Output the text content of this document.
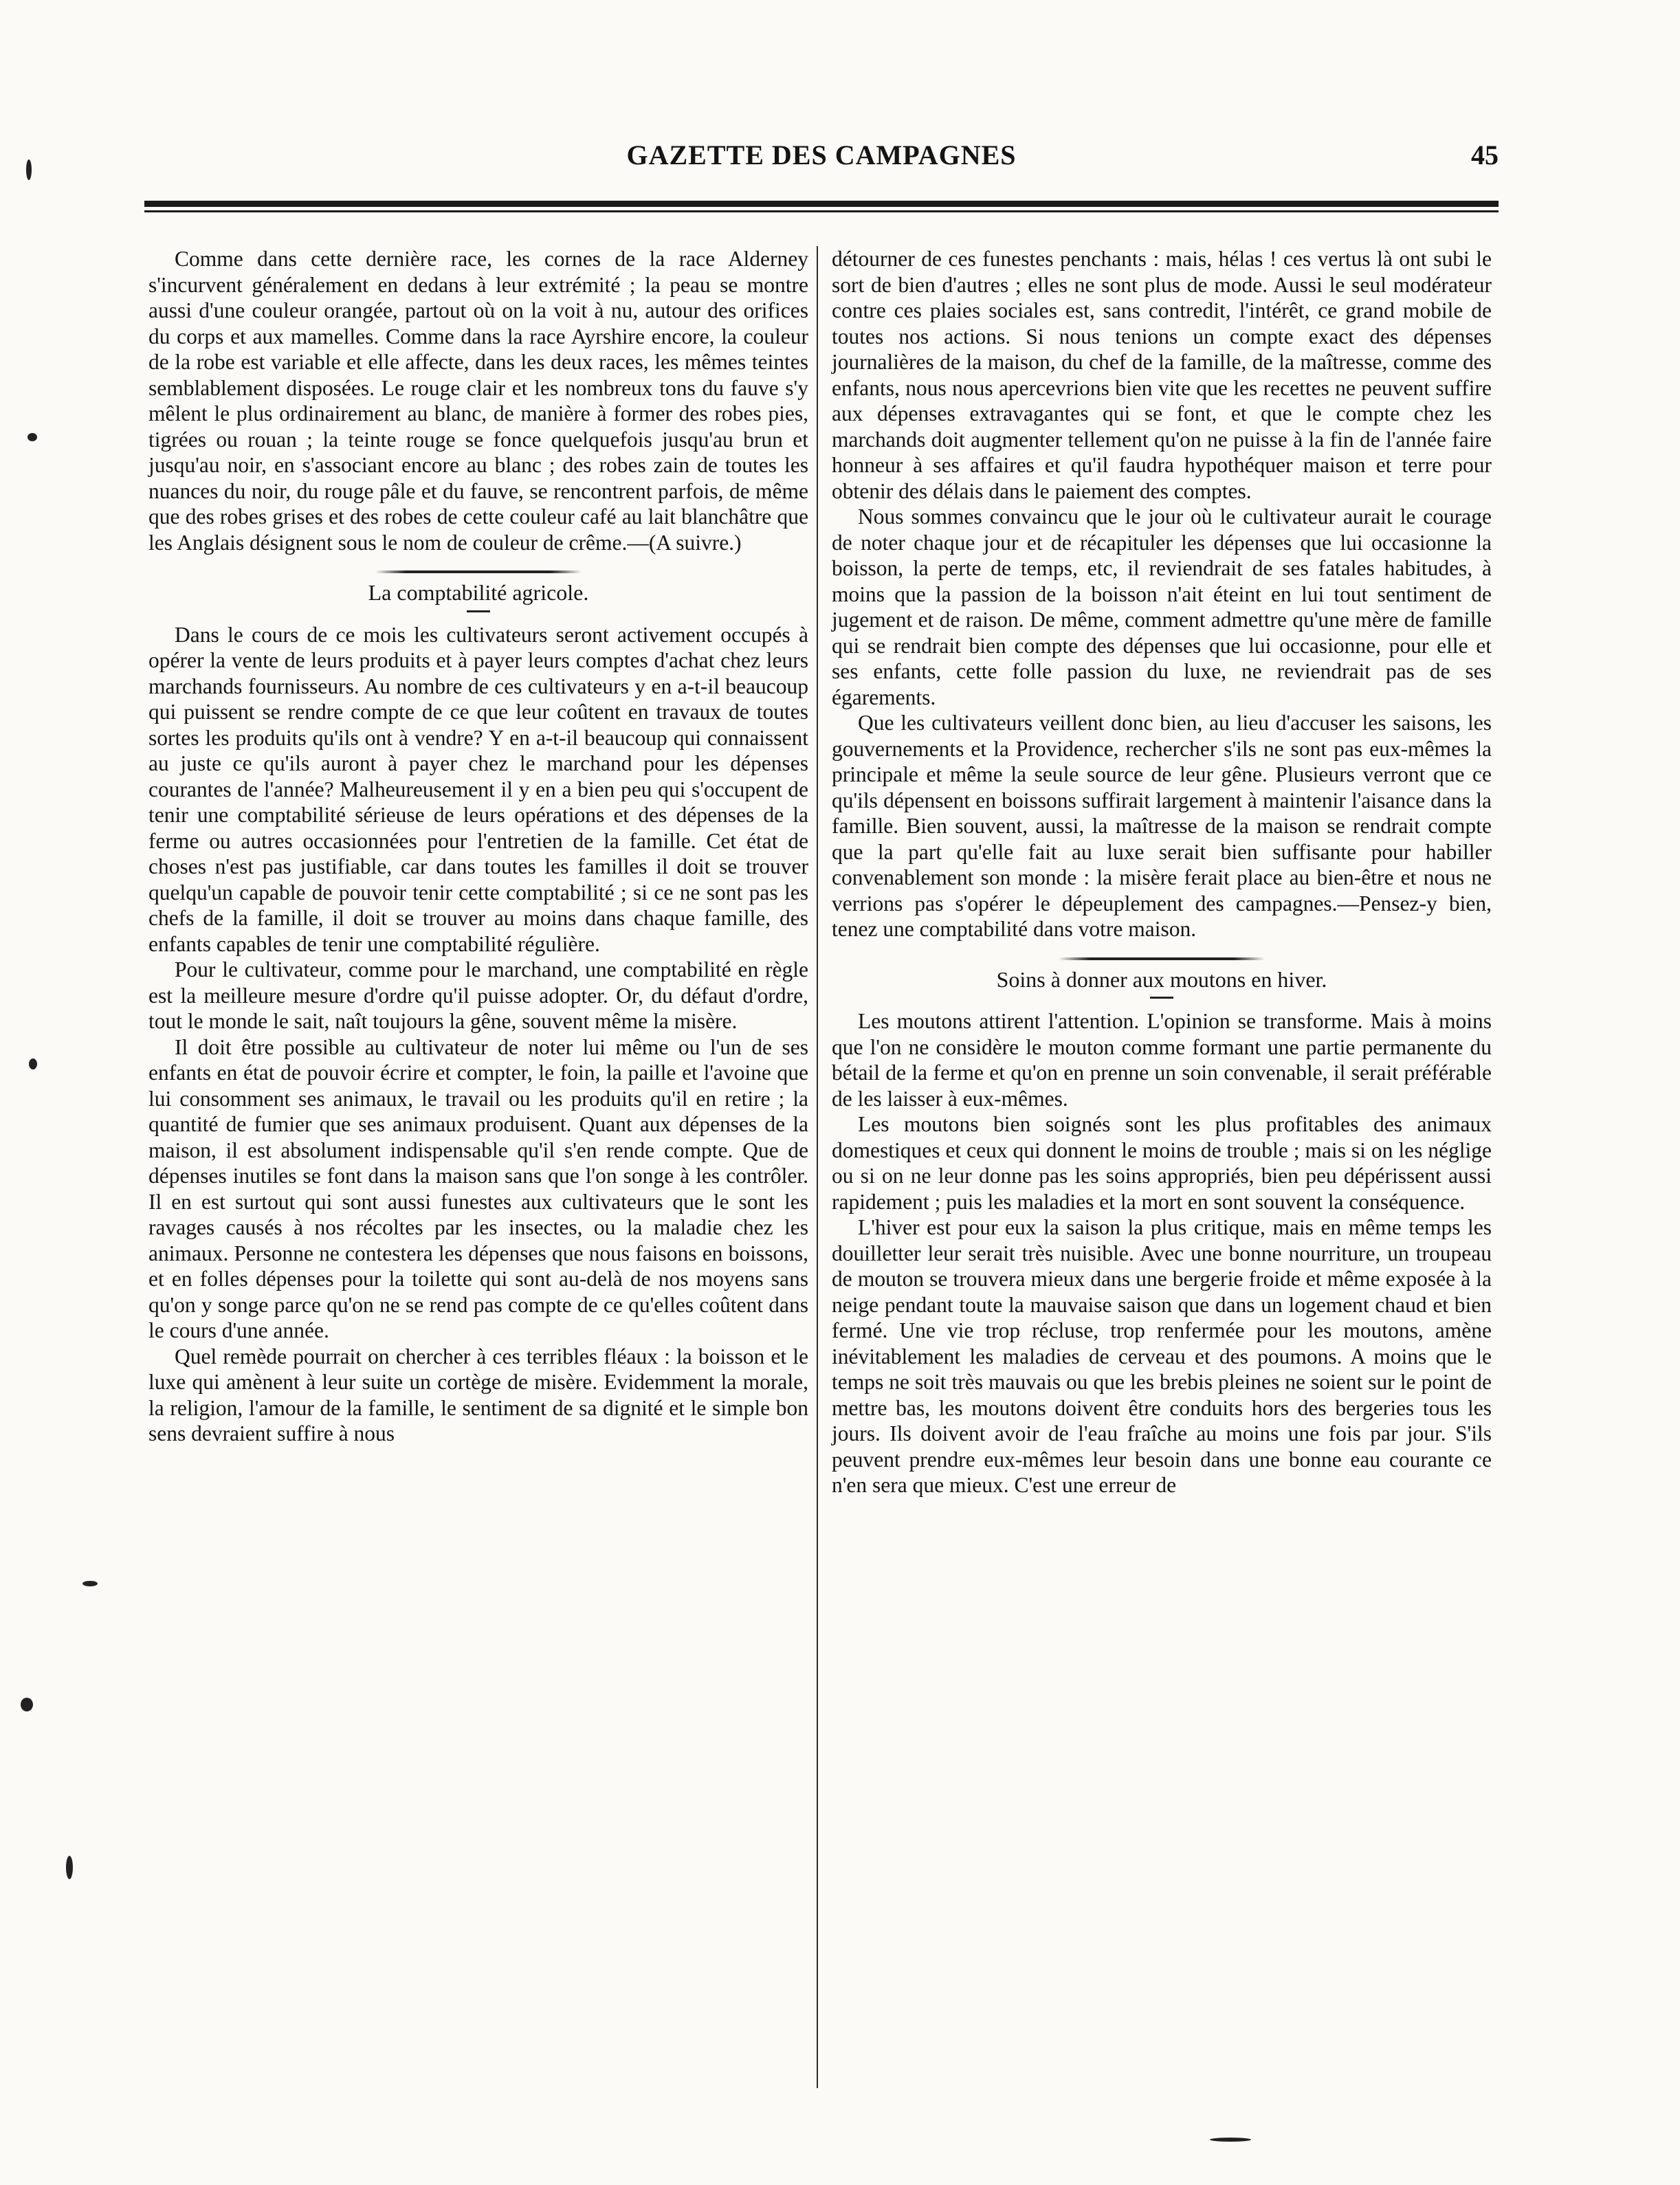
GAZETTE DES CAMPAGNES	45

Comme dans cette dernière race, les cornes de la race Alderney s'incurvent généralement en dedans à leur extrémité ; la peau se montre aussi d'une couleur orangée, partout où on la voit à nu, autour des orifices du corps et aux mamelles. Comme dans la race Ayrshire encore, la couleur de la robe est variable et elle affecte, dans les deux races, les mêmes teintes semblablement disposées. Le rouge clair et les nombreux tons du fauve s'y mêlent le plus ordinairement au blanc, de manière à former des robes pies, tigrées ou rouan ; la teinte rouge se fonce quelquefois jusqu'au brun et jusqu'au noir, en s'associant encore au blanc ; des robes zain de toutes les nuances du noir, du rouge pâle et du fauve, se rencontrent parfois, de même que des robes grises et des robes de cette couleur café au lait blanchâtre que les Anglais désignent sous le nom de couleur de crême.—(A suivre.)

La comptabilité agricole.

Dans le cours de ce mois les cultivateurs seront activement occupés à opérer la vente de leurs produits et à payer leurs comptes d'achat chez leurs marchands fournisseurs. Au nombre de ces cultivateurs y en a-t-il beaucoup qui puissent se rendre compte de ce que leur coûtent en travaux de toutes sortes les produits qu'ils ont à vendre? Y en a-t-il beaucoup qui connaissent au juste ce qu'ils auront à payer chez le marchand pour les dépenses courantes de l'année? Malheureusement il y en a bien peu qui s'occupent de tenir une comptabilité sérieuse de leurs opérations et des dépenses de la ferme ou autres occasionnées pour l'entretien de la famille. Cet état de choses n'est pas justifiable, car dans toutes les familles il doit se trouver quelqu'un capable de pouvoir tenir cette comptabilité ; si ce ne sont pas les chefs de la famille, il doit se trouver au moins dans chaque famille, des enfants capables de tenir une comptabilité régulière.

Pour le cultivateur, comme pour le marchand, une comptabilité en règle est la meilleure mesure d'ordre qu'il puisse adopter. Or, du défaut d'ordre, tout le monde le sait, naît toujours la gêne, souvent même la misère.

Il doit être possible au cultivateur de noter lui même ou l'un de ses enfants en état de pouvoir écrire et compter, le foin, la paille et l'avoine que lui consomment ses animaux, le travail ou les produits qu'il en retire ; la quantité de fumier que ses animaux produisent. Quant aux dépenses de la maison, il est absolument indispensable qu'il s'en rende compte. Que de dépenses inutiles se font dans la maison sans que l'on songe à les contrôler. Il en est surtout qui sont aussi funestes aux cultivateurs que le sont les ravages causés à nos récoltes par les insectes, ou la maladie chez les animaux. Personne ne contestera les dépenses que nous faisons en boissons, et en folles dépenses pour la toilette qui sont au-delà de nos moyens sans qu'on y songe parce qu'on ne se rend pas compte de ce qu'elles coûtent dans le cours d'une année.

Quel remède pourrait on chercher à ces terribles fléaux : la boisson et le luxe qui amènent à leur suite un cortège de misère. Evidemment la morale, la religion, l'amour de la famille, le sentiment de sa dignité et le simple bon sens devraient suffire à nous

détourner de ces funestes penchants : mais, hélas ! ces vertus là ont subi le sort de bien d'autres ; elles ne sont plus de mode. Aussi le seul modérateur contre ces plaies sociales est, sans contredit, l'intérêt, ce grand mobile de toutes nos actions. Si nous tenions un compte exact des dépenses journalières de la maison, du chef de la famille, de la maîtresse, comme des enfants, nous nous apercevrions bien vite que les recettes ne peuvent suffire aux dépenses extravagantes qui se font, et que le compte chez les marchands doit augmenter tellement qu'on ne puisse à la fin de l'année faire honneur à ses affaires et qu'il faudra hypothéquer maison et terre pour obtenir des délais dans le paiement des comptes.

Nous sommes convaincu que le jour où le cultivateur aurait le courage de noter chaque jour et de récapituler les dépenses que lui occasionne la boisson, la perte de temps, etc, il reviendrait de ses fatales habitudes, à moins que la passion de la boisson n'ait éteint en lui tout sentiment de jugement et de raison. De même, comment admettre qu'une mère de famille qui se rendrait bien compte des dépenses que lui occasionne, pour elle et ses enfants, cette folle passion du luxe, ne reviendrait pas de ses égarements.

Que les cultivateurs veillent donc bien, au lieu d'accuser les saisons, les gouvernements et la Providence, rechercher s'ils ne sont pas eux-mêmes la principale et même la seule source de leur gêne. Plusieurs verront que ce qu'ils dépensent en boissons suffirait largement à maintenir l'aisance dans la famille. Bien souvent, aussi, la maîtresse de la maison se rendrait compte que la part qu'elle fait au luxe serait bien suffisante pour habiller convenablement son monde : la misère ferait place au bien-être et nous ne verrions pas s'opérer le dépeuplement des campagnes.—Pensez-y bien, tenez une comptabilité dans votre maison.

Soins à donner aux moutons en hiver.

Les moutons attirent l'attention. L'opinion se transforme. Mais à moins que l'on ne considère le mouton comme formant une partie permanente du bétail de la ferme et qu'on en prenne un soin convenable, il serait préférable de les laisser à eux-mêmes.

Les moutons bien soignés sont les plus profitables des animaux domestiques et ceux qui donnent le moins de trouble ; mais si on les néglige ou si on ne leur donne pas les soins appropriés, bien peu dépérissent aussi rapidement ; puis les maladies et la mort en sont souvent la conséquence.

L'hiver est pour eux la saison la plus critique, mais en même temps les douilletter leur serait très nuisible. Avec une bonne nourriture, un troupeau de mouton se trouvera mieux dans une bergerie froide et même exposée à la neige pendant toute la mauvaise saison que dans un logement chaud et bien fermé. Une vie trop récluse, trop renfermée pour les moutons, amène inévitablement les maladies de cerveau et des poumons. A moins que le temps ne soit très mauvais ou que les brebis pleines ne soient sur le point de mettre bas, les moutons doivent être conduits hors des bergeries tous les jours. Ils doivent avoir de l'eau fraîche au moins une fois par jour. S'ils peuvent prendre eux-mêmes leur besoin dans une bonne eau courante ce n'en sera que mieux. C'est une erreur de
